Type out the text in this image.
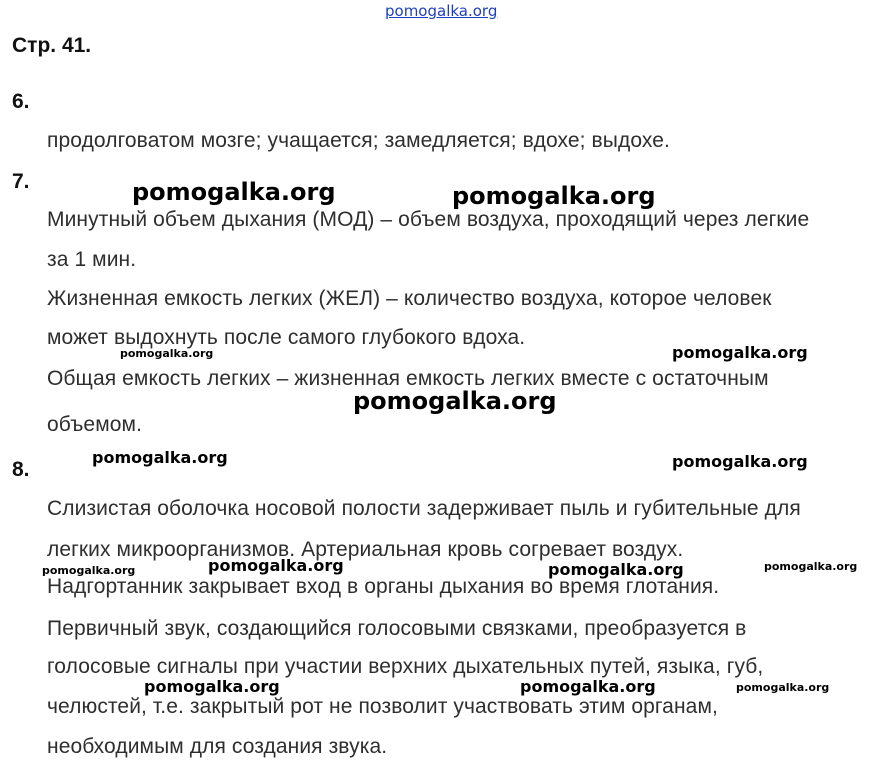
pomogalka.org
Стр. 41.
6.
продолговатом мозге; учащается; замедляется; вдохе; выдохе.
7.
Минутный объем дыхания (МОД) – объем воздуха, проходящий через легкие
за 1 мин.
Жизненная емкость легких (ЖЕЛ) – количество воздуха, которое человек
может выдохнуть после самого глубокого вдоха.
Общая емкость легких – жизненная емкость легких вместе с остаточным
объемом.
8.
Слизистая оболочка носовой полости задерживает пыль и губительные для
легких микроорганизмов. Артериальная кровь согревает воздух.
Надгортанник закрывает вход в органы дыхания во время глотания.
Первичный звук, создающийся голосовыми связками, преобразуется в
голосовые сигналы при участии верхних дыхательных путей, языка, губ,
челюстей, т.е. закрытый рот не позволит участвовать этим органам,
необходимым для создания звука.
pomogalka.org	pomogalka.org
pomogalka.org	pomogalka.org
pomogalka.org
pomogalka.org	pomogalka.org
pomogalka.org	pomogalka.org	pomogalka.org	pomogalka.org
pomogalka.org	pomogalka.org	pomogalka.org
